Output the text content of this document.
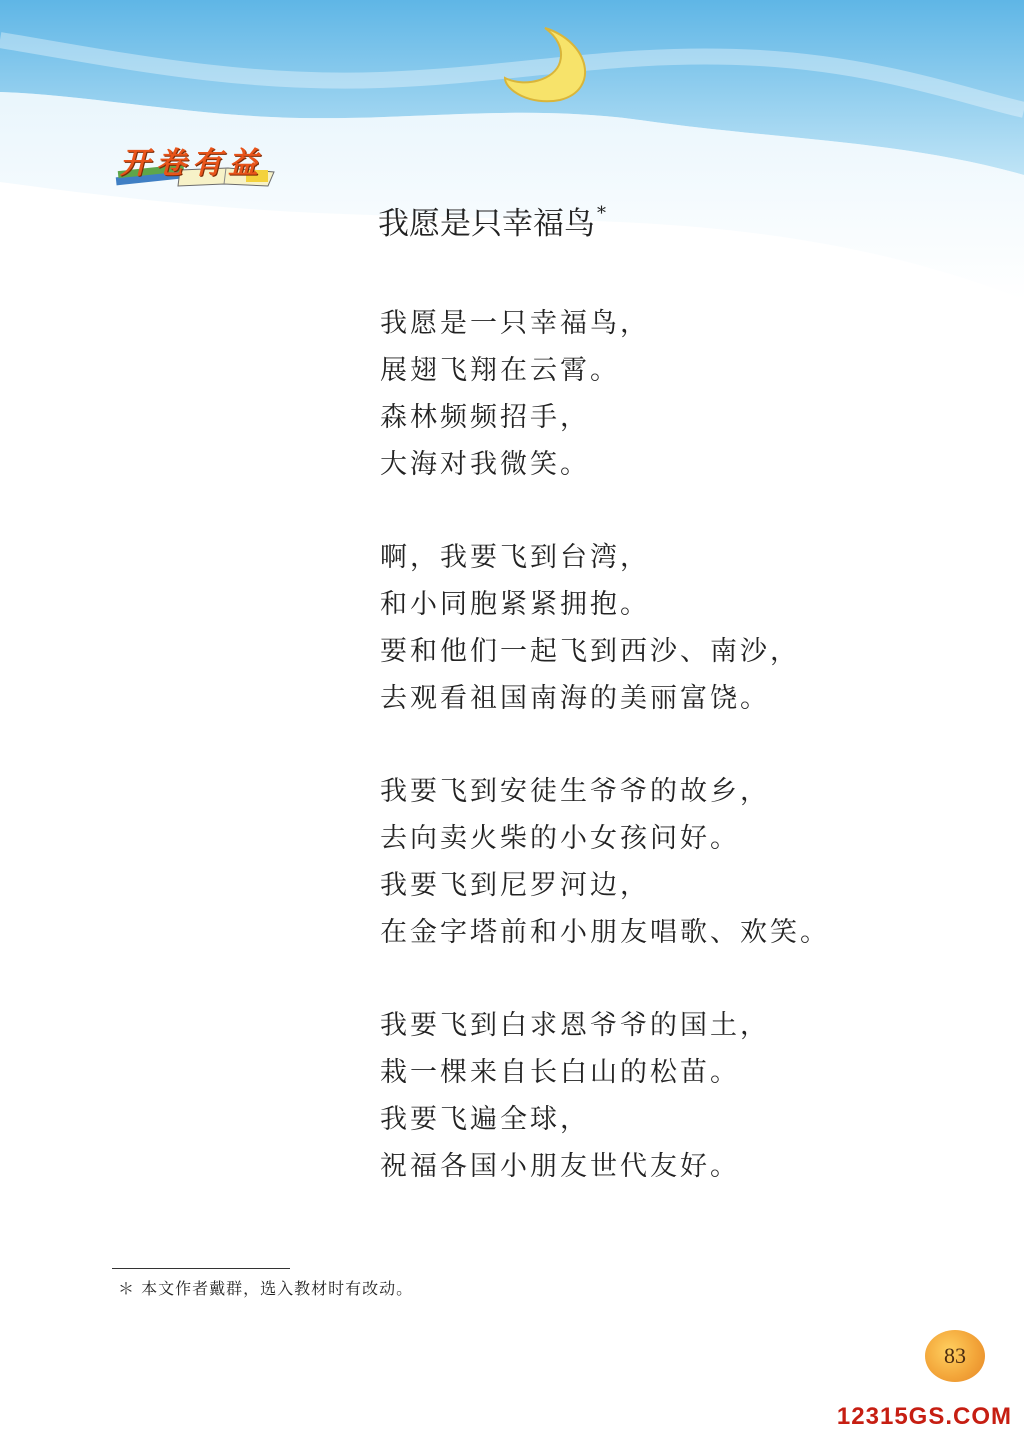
开卷有益
我愿是只幸福鸟 *
我愿是一只幸福鸟，
展翅飞翔在云霄。
森林频频招手，
大海对我微笑。
啊，我要飞到台湾，
和小同胞紧紧拥抱。
要和他们一起飞到西沙、南沙，
去观看祖国南海的美丽富饶。
我要飞到安徒生爷爷的故乡，
去向卖火柴的小女孩问好。
我要飞到尼罗河边，
在金字塔前和小朋友唱歌、欢笑。
我要飞到白求恩爷爷的国土，
栽一棵来自长白山的松苗。
我要飞遍全球，
祝福各国小朋友世代友好。
＊ 本文作者戴群，选入教材时有改动。
83
12315GS.COM
